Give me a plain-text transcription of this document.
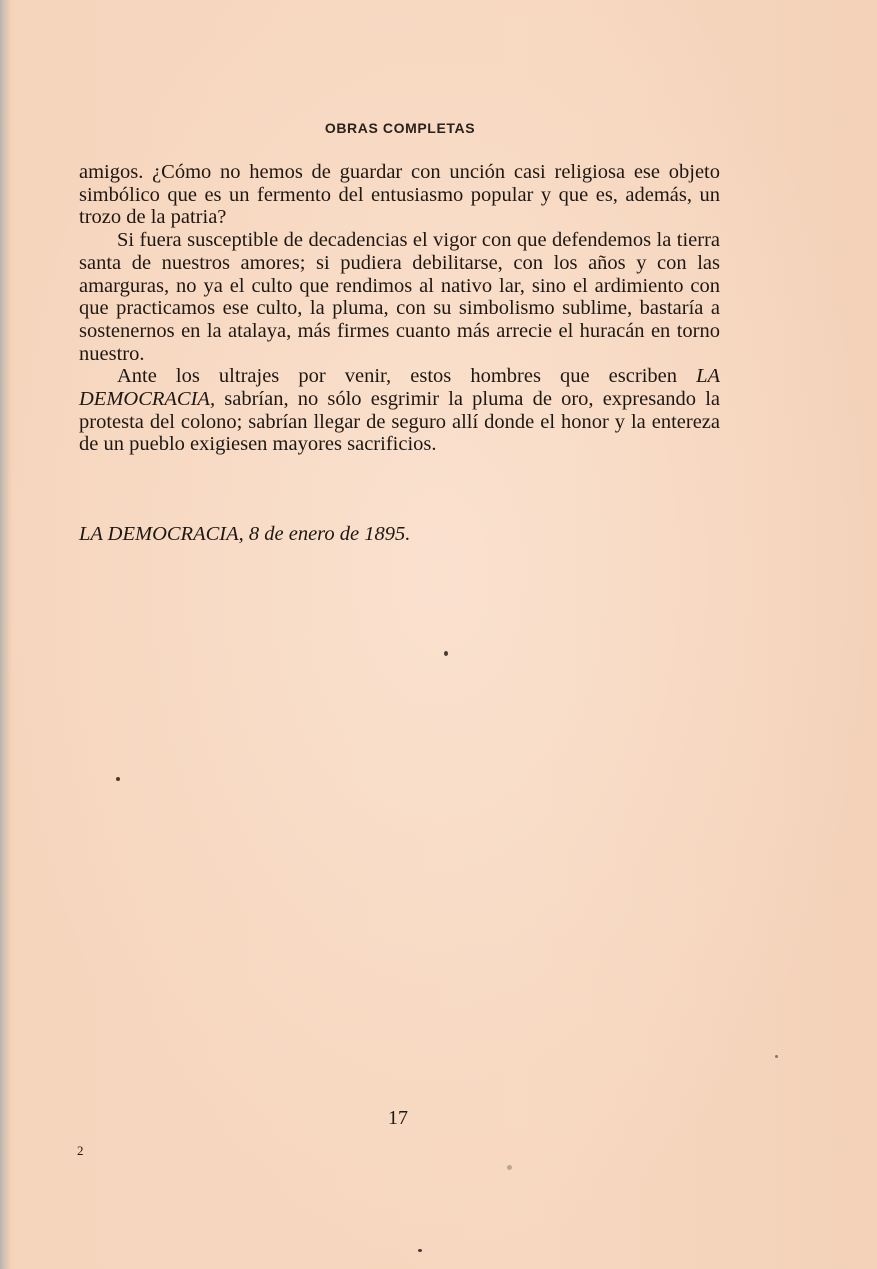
OBRAS COMPLETAS

amigos. ¿Cómo no hemos de guardar con unción casi religiosa ese objeto simbólico que es un fermento del entusiasmo popular y que es, además, un trozo de la patria?

Si fuera susceptible de decadencias el vigor con que defendemos la tierra santa de nuestros amores; si pudiera debilitarse, con los años y con las amarguras, no ya el culto que rendimos al nativo lar, sino el ardimiento con que practicamos ese culto, la pluma, con su simbolismo sublime, bastaría a sostenernos en la atalaya, más firmes cuanto más arrecie el huracán en torno nuestro.

Ante los ultrajes por venir, estos hombres que escriben LA DEMOCRACIA, sabrían, no sólo esgrimir la pluma de oro, expresando la protesta del colono; sabrían llegar de seguro allí donde el honor y la entereza de un pueblo exigiesen mayores sacrificios.

LA DEMOCRACIA, 8 de enero de 1895.
17
2
